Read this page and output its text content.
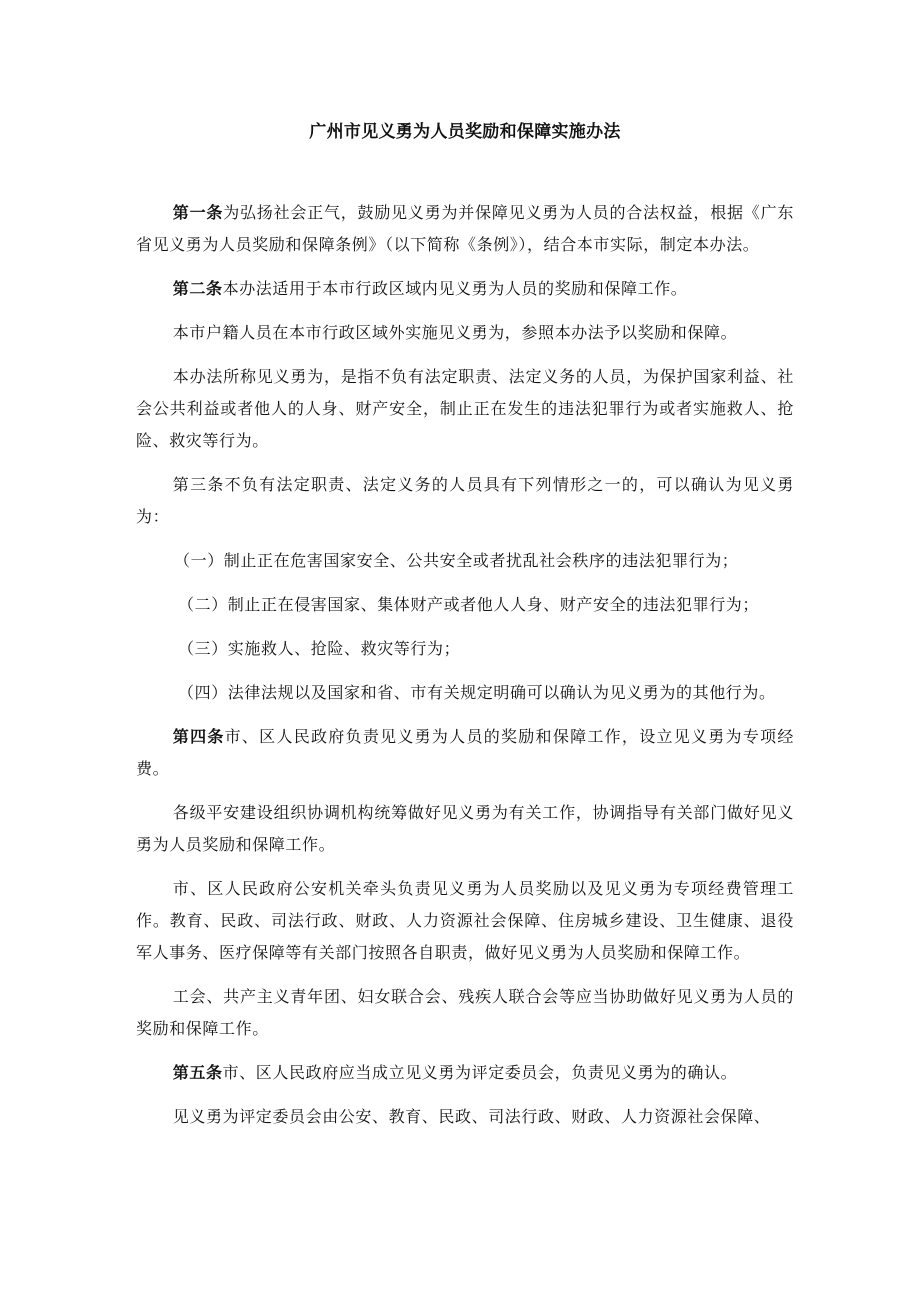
广州市见义勇为人员奖励和保障实施办法

第一条为弘扬社会正气，鼓励见义勇为并保障见义勇为人员的合法权益，根据《广东省见义勇为人员奖励和保障条例》（以下简称《条例》），结合本市实际，制定本办法。

第二条本办法适用于本市行政区域内见义勇为人员的奖励和保障工作。

本市户籍人员在本市行政区域外实施见义勇为，参照本办法予以奖励和保障。

本办法所称见义勇为，是指不负有法定职责、法定义务的人员，为保护国家利益、社会公共利益或者他人的人身、财产安全，制止正在发生的违法犯罪行为或者实施救人、抢险、救灾等行为。

第三条不负有法定职责、法定义务的人员具有下列情形之一的，可以确认为见义勇为：

（一）制止正在危害国家安全、公共安全或者扰乱社会秩序的违法犯罪行为；

（二）制止正在侵害国家、集体财产或者他人人身、财产安全的违法犯罪行为；

（三）实施救人、抢险、救灾等行为；

（四）法律法规以及国家和省、市有关规定明确可以确认为见义勇为的其他行为。

第四条市、区人民政府负责见义勇为人员的奖励和保障工作，设立见义勇为专项经费。

各级平安建设组织协调机构统筹做好见义勇为有关工作，协调指导有关部门做好见义勇为人员奖励和保障工作。

市、区人民政府公安机关牵头负责见义勇为人员奖励以及见义勇为专项经费管理工作。教育、民政、司法行政、财政、人力资源社会保障、住房城乡建设、卫生健康、退役军人事务、医疗保障等有关部门按照各自职责，做好见义勇为人员奖励和保障工作。

工会、共产主义青年团、妇女联合会、残疾人联合会等应当协助做好见义勇为人员的奖励和保障工作。

第五条市、区人民政府应当成立见义勇为评定委员会，负责见义勇为的确认。

见义勇为评定委员会由公安、教育、民政、司法行政、财政、人力资源社会保障、
